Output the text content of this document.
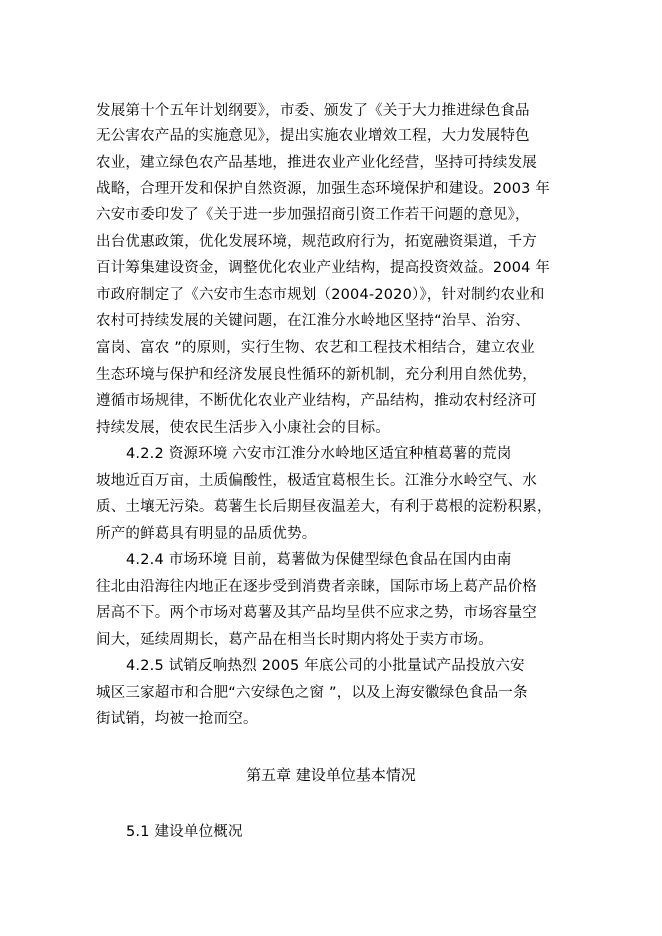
发展第十个五年计划纲要》，市委、颁发了《关于大力推进绿色食品
无公害农产品的实施意见》，提出实施农业增效工程，大力发展特色
农业，建立绿色农产品基地，推进农业产业化经营，坚持可持续发展
战略，合理开发和保护自然资源，加强生态环境保护和建设。2003 年
六安市委印发了《关于进一步加强招商引资工作若干问题的意见》，
出台优惠政策，优化发展环境，规范政府行为，拓宽融资渠道，千方
百计筹集建设资金，调整优化农业产业结构，提高投资效益。2004 年
市政府制定了《六安市生态市规划（2004-2020）》，针对制约农业和
农村可持续发展的关键问题，在江淮分水岭地区坚持“治旱、治穷、
富岗、富农 ”的原则，实行生物、农艺和工程技术相结合，建立农业
生态环境与保护和经济发展良性循环的新机制，充分利用自然优势，
遵循市场规律，不断优化农业产业结构，产品结构，推动农村经济可
持续发展，使农民生活步入小康社会的目标。
4.2.2 资源环境 六安市江淮分水岭地区适宜种植葛薯的荒岗
坡地近百万亩，土质偏酸性，极适宜葛根生长。江淮分水岭空气、水
质、土壤无污染。葛薯生长后期昼夜温差大，有利于葛根的淀粉积累，
所产的鲜葛具有明显的品质优势。
4.2.4 市场环境 目前，葛薯做为保健型绿色食品在国内由南
往北由沿海往内地正在逐步受到消费者亲睐，国际市场上葛产品价格
居高不下。两个市场对葛薯及其产品均呈供不应求之势，市场容量空
间大，延续周期长，葛产品在相当长时期内将处于卖方市场。
4.2.5 试销反响热烈 2005 年底公司的小批量试产品投放六安
城区三家超市和合肥“六安绿色之窗 ”，以及上海安徽绿色食品一条
街试销，均被一抢而空。
第五章 建设单位基本情况
5.1 建设单位概况
